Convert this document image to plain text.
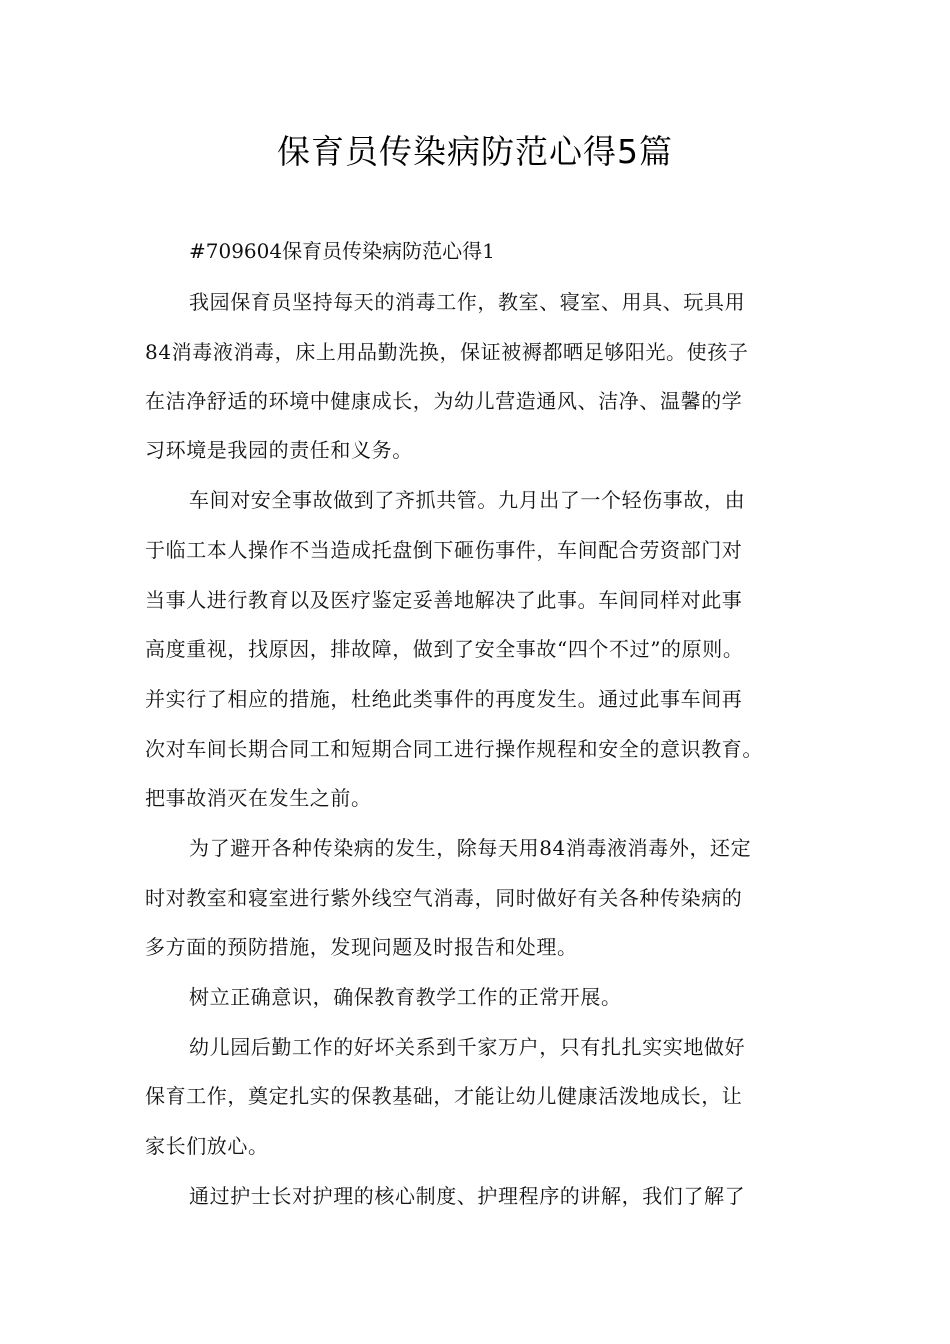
保育员传染病防范心得5篇
#709604保育员传染病防范心得1
我园保育员坚持每天的消毒工作，教室、寝室、用具、玩具用
84消毒液消毒，床上用品勤洗换，保证被褥都晒足够阳光。使孩子
在洁净舒适的环境中健康成长，为幼儿营造通风、洁净、温馨的学
习环境是我园的责任和义务。
车间对安全事故做到了齐抓共管。九月出了一个轻伤事故，由
于临工本人操作不当造成托盘倒下砸伤事件，车间配合劳资部门对
当事人进行教育以及医疗鉴定妥善地解决了此事。车间同样对此事
高度重视，找原因，排故障，做到了安全事故“四个不过”的原则。
并实行了相应的措施，杜绝此类事件的再度发生。通过此事车间再
次对车间长期合同工和短期合同工进行操作规程和安全的意识教育。
把事故消灭在发生之前。
为了避开各种传染病的发生，除每天用84消毒液消毒外，还定
时对教室和寝室进行紫外线空气消毒，同时做好有关各种传染病的
多方面的预防措施，发现问题及时报告和处理。
树立正确意识，确保教育教学工作的正常开展。
幼儿园后勤工作的好坏关系到千家万户，只有扎扎实实地做好
保育工作，奠定扎实的保教基础，才能让幼儿健康活泼地成长，让
家长们放心。
通过护士长对护理的核心制度、护理程序的讲解，我们了解了
